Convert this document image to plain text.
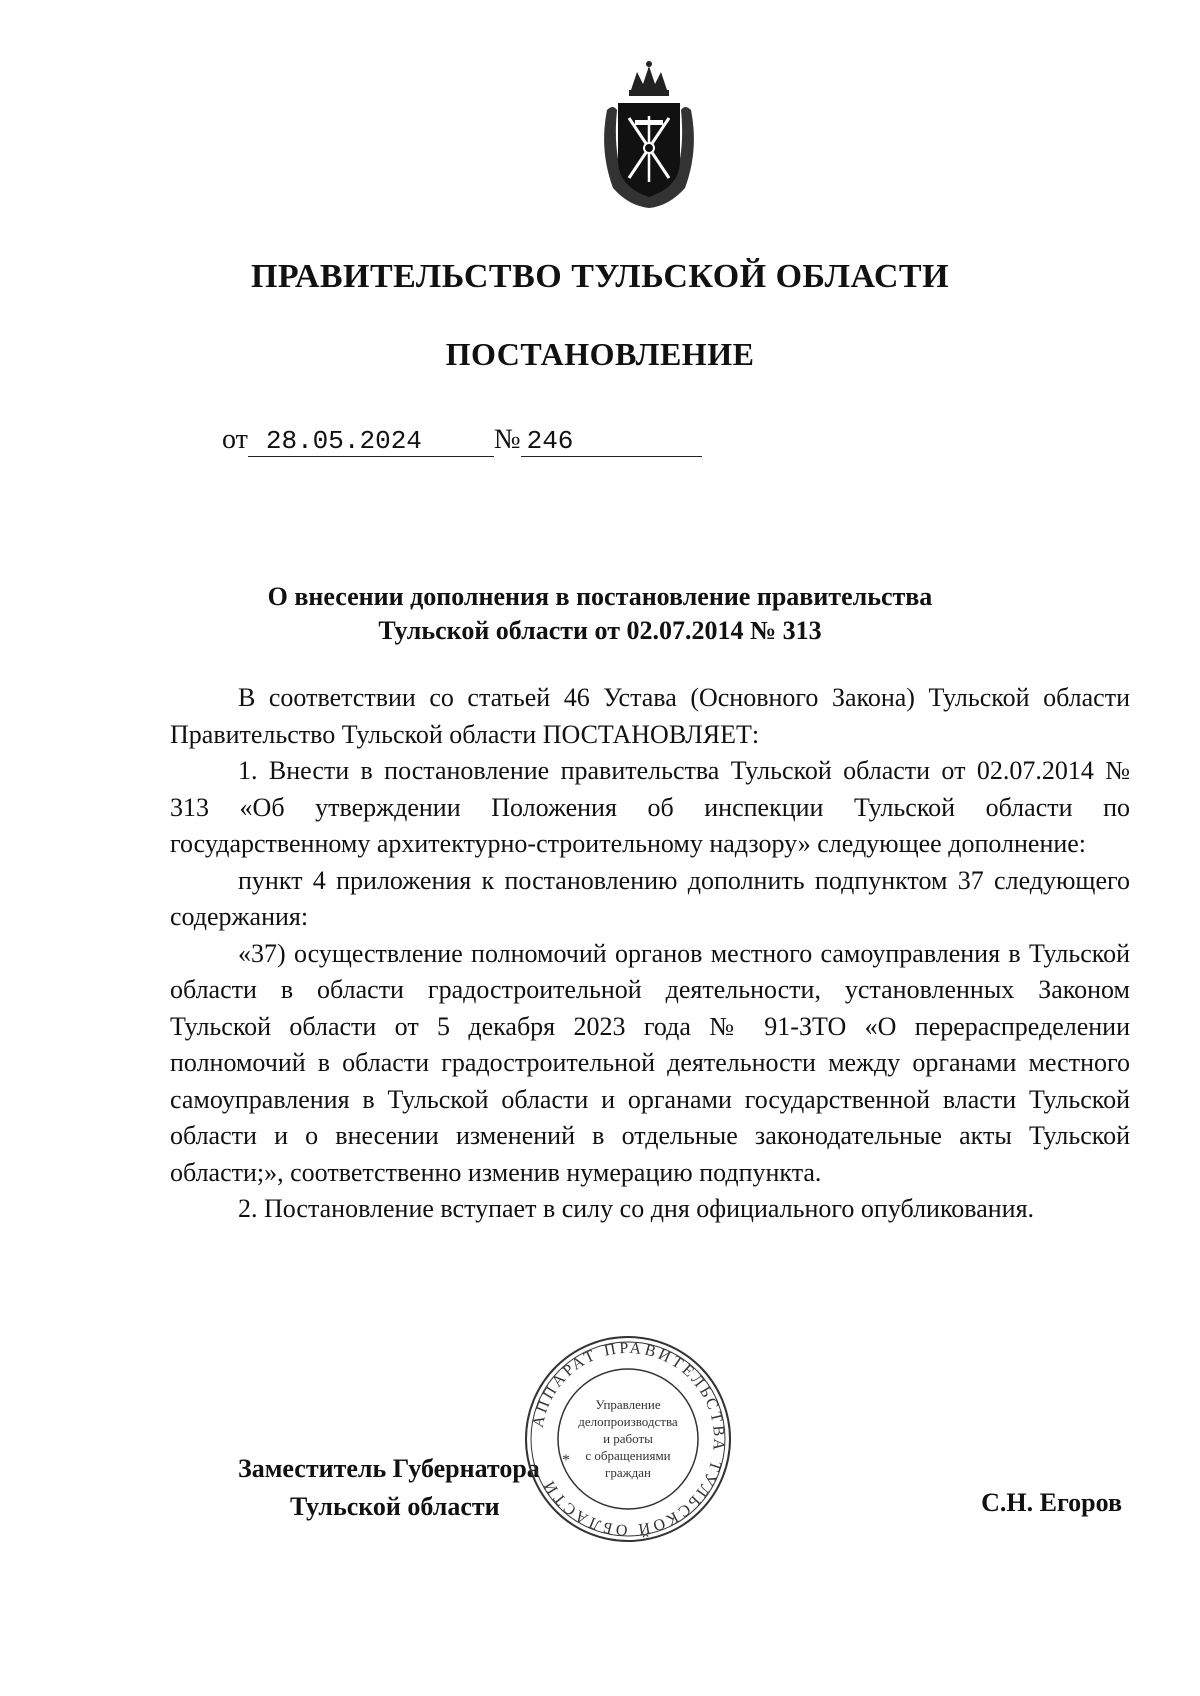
ПРАВИТЕЛЬСТВО ТУЛЬСКОЙ ОБЛАСТИ
ПОСТАНОВЛЕНИЕ
от 28.05.2024	№ 246
О внесении дополнения в постановление правительства
Тульской области от 02.07.2014 № 313

В соответствии со статьей 46 Устава (Основного Закона) Тульской области Правительство Тульской области ПОСТАНОВЛЯЕТ:

1. Внести в постановление правительства Тульской области от 02.07.2014 № 313 «Об утверждении Положения об инспекции Тульской области по государственному архитектурно-строительному надзору» следующее дополнение:

пункт 4 приложения к постановлению дополнить подпунктом 37 следующего содержания:

«37) осуществление полномочий органов местного самоуправления в Тульской области в области градостроительной деятельности, установленных Законом Тульской области от 5 декабря 2023 года № 91-ЗТО «О перераспределении полномочий в области градостроительной деятельности между органами местного самоуправления в Тульской области и органами государственной власти Тульской области и о внесении изменений в отдельные законодательные акты Тульской области;», соответственно изменив нумерацию подпункта.

2. Постановление вступает в силу со дня официального опубликования.

Заместитель Губернатора
Тульской области	С.Н. Егоров
АППАРАТ ПРАВИТЕЛЬСТВА ТУЛЬСКОЙ ОБЛАСТИ
Управление
делопроизводства
и работы
с обращениями
граждан
*
